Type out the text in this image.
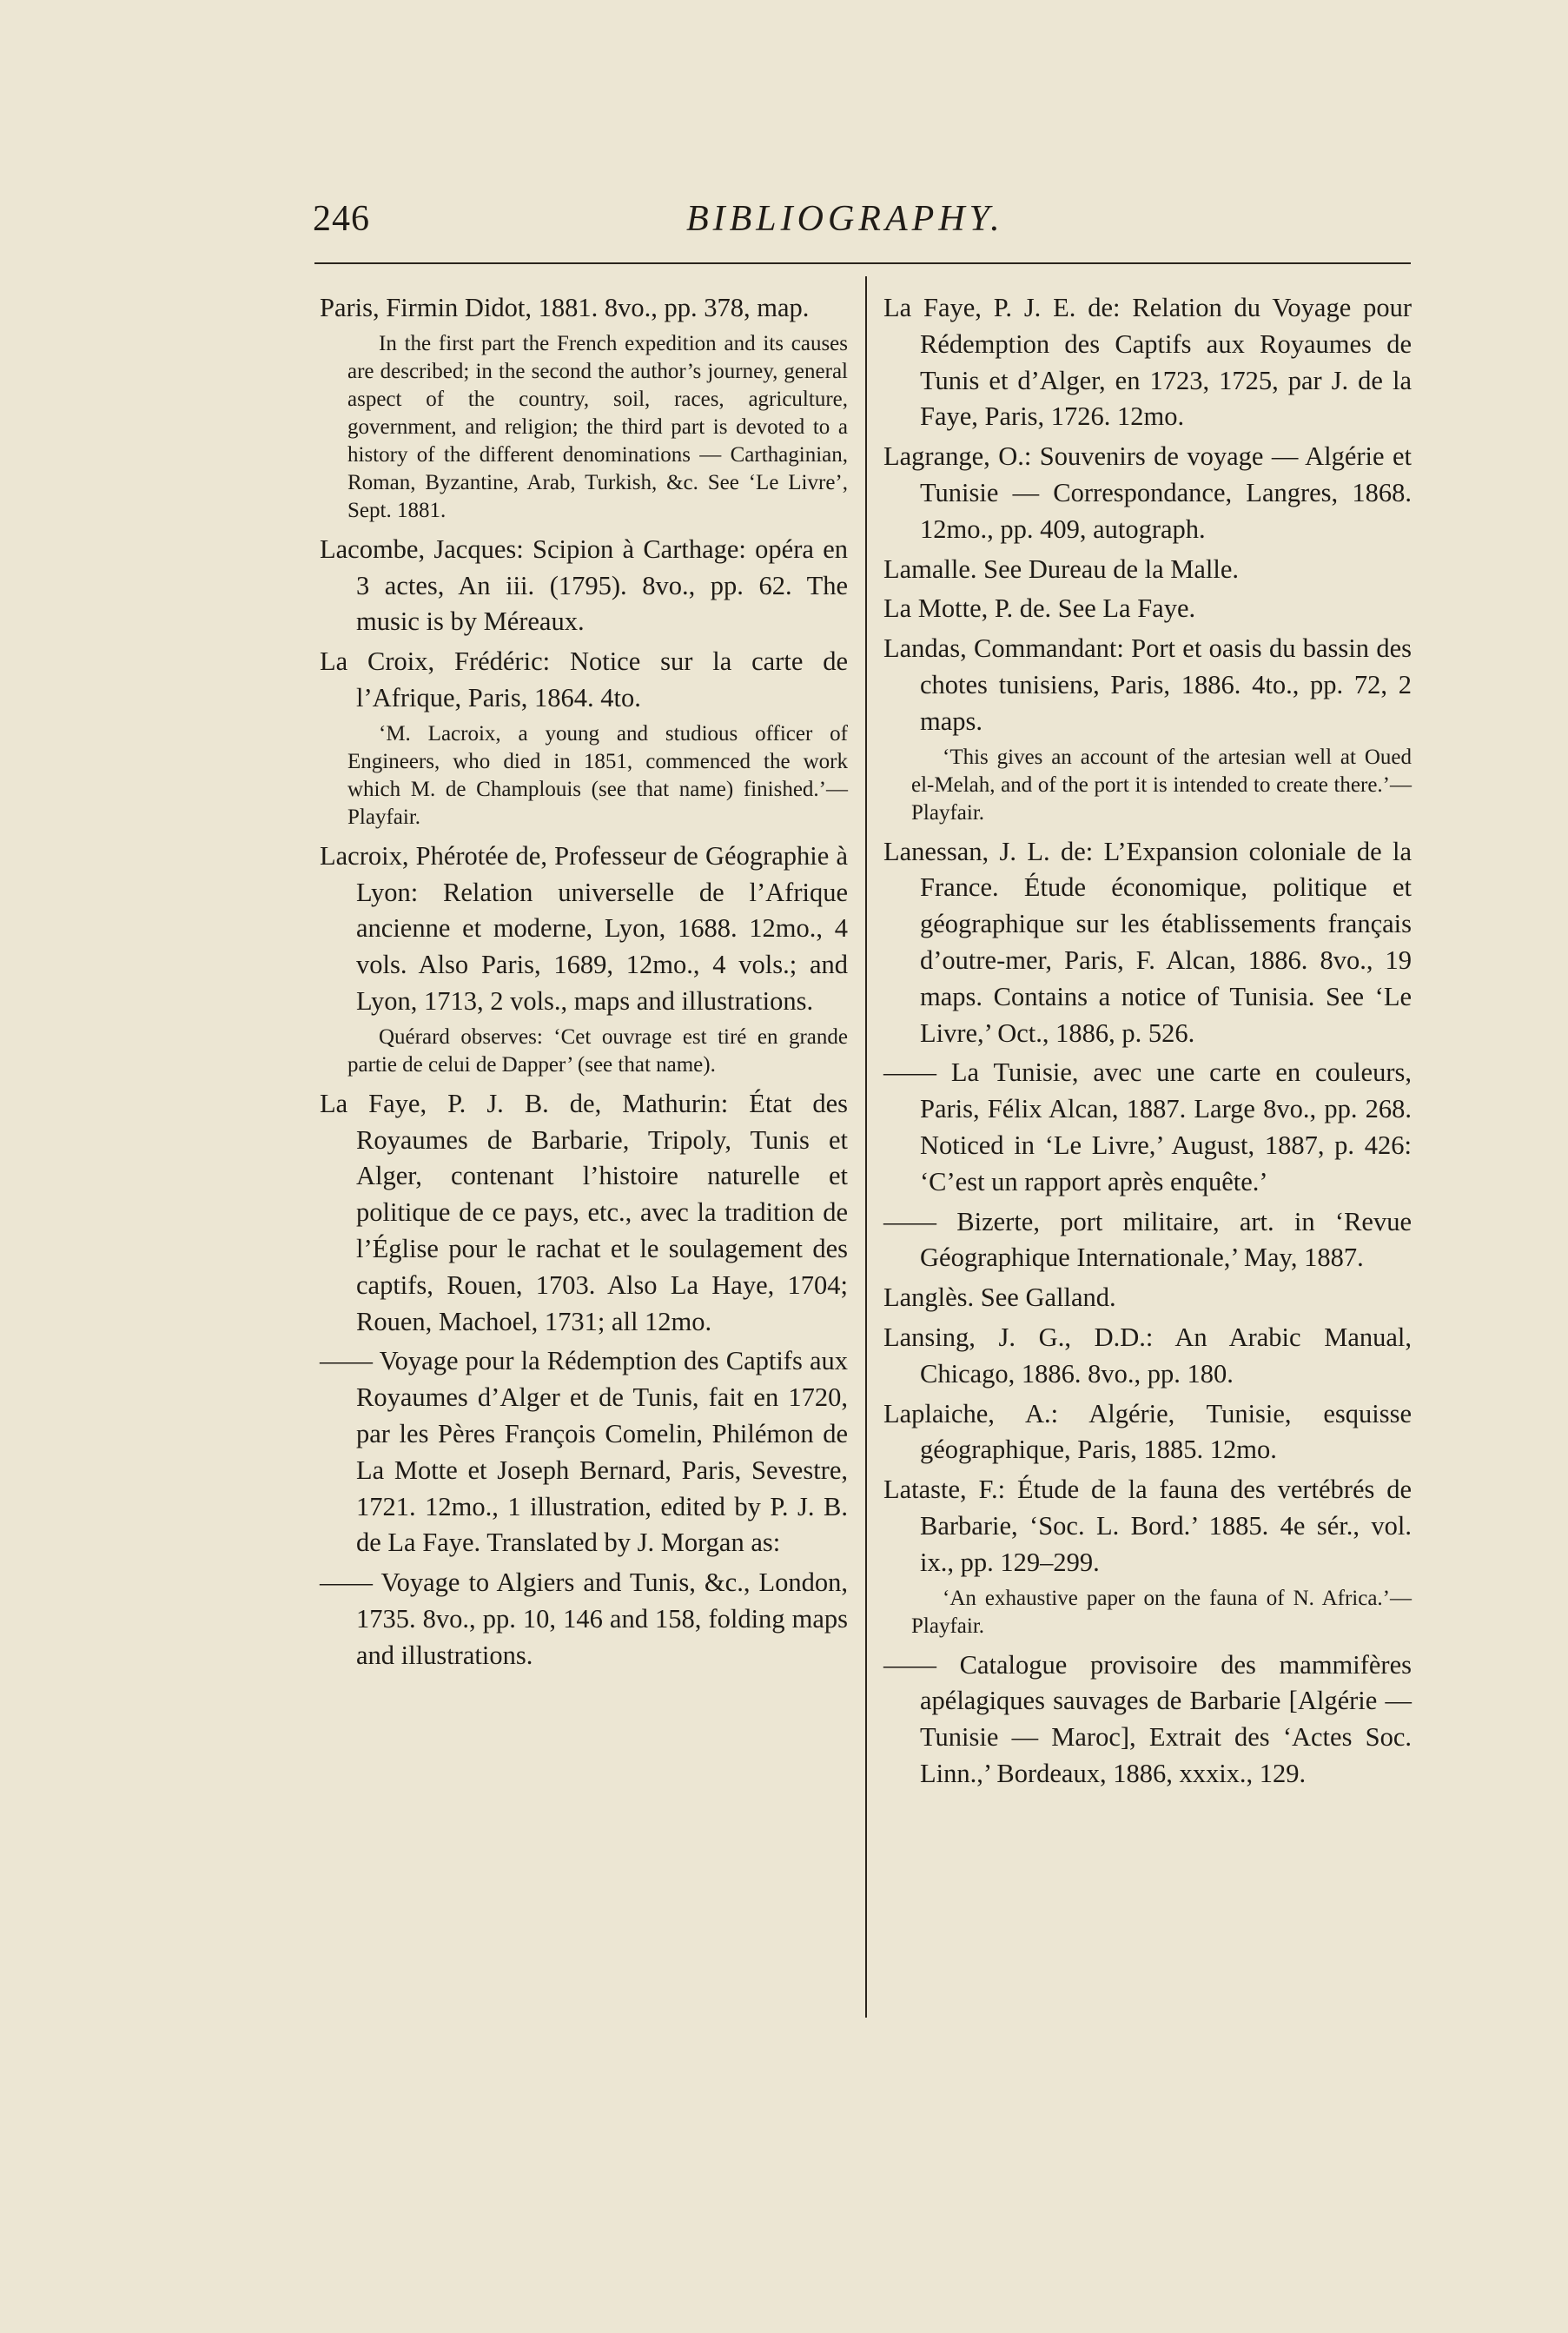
246	BIBLIOGRAPHY.

Paris, Firmin Didot, 1881. 8vo., pp. 378, map.

In the first part the French expedition and its causes are described; in the second the author’s journey, general aspect of the country, soil, races, agriculture, government, and religion; the third part is devoted to a history of the different denominations — Carthaginian, Roman, Byzantine, Arab, Turkish, &c. See ‘Le Livre’, Sept. 1881.

Lacombe, Jacques: Scipion à Carthage: opéra en 3 actes, An iii. (1795). 8vo., pp. 62. The music is by Méreaux.

La Croix, Frédéric: Notice sur la carte de l’Afrique, Paris, 1864. 4to.

‘M. Lacroix, a young and studious officer of Engineers, who died in 1851, commenced the work which M. de Champlouis (see that name) finished.’— Playfair.

Lacroix, Phérotée de, Professeur de Géographie à Lyon: Relation universelle de l’Afrique ancienne et moderne, Lyon, 1688. 12mo., 4 vols. Also Paris, 1689, 12mo., 4 vols.; and Lyon, 1713, 2 vols., maps and illustrations.

Quérard observes: ‘Cet ouvrage est tiré en grande partie de celui de Dapper’ (see that name).

La Faye, P. J. B. de, Mathurin: État des Royaumes de Barbarie, Tripoly, Tunis et Alger, contenant l’histoire naturelle et politique de ce pays, etc., avec la tradition de l’Église pour le rachat et le soulagement des captifs, Rouen, 1703. Also La Haye, 1704; Rouen, Machoel, 1731; all 12mo.

—— Voyage pour la Rédemption des Captifs aux Royaumes d’Alger et de Tunis, fait en 1720, par les Pères François Comelin, Philémon de La Motte et Joseph Bernard, Paris, Sevestre, 1721. 12mo., 1 illustration, edited by P. J. B. de La Faye. Translated by J. Morgan as:

—— Voyage to Algiers and Tunis, &c., London, 1735. 8vo., pp. 10, 146 and 158, folding maps and illustrations.

La Faye, P. J. E. de: Relation du Voyage pour Rédemption des Captifs aux Royaumes de Tunis et d’Alger, en 1723, 1725, par J. de la Faye, Paris, 1726. 12mo.

Lagrange, O.: Souvenirs de voyage — Algérie et Tunisie — Correspondance, Langres, 1868. 12mo., pp. 409, autograph.

Lamalle. See Dureau de la Malle.

La Motte, P. de. See La Faye.

Landas, Commandant: Port et oasis du bassin des chotes tunisiens, Paris, 1886. 4to., pp. 72, 2 maps.

‘This gives an account of the artesian well at Oued el-Melah, and of the port it is intended to create there.’—Playfair.

Lanessan, J. L. de: L’Expansion coloniale de la France. Étude économique, politique et géographique sur les établissements français d’outre-mer, Paris, F. Alcan, 1886. 8vo., 19 maps. Contains a notice of Tunisia. See ‘Le Livre,’ Oct., 1886, p. 526.

—— La Tunisie, avec une carte en couleurs, Paris, Félix Alcan, 1887. Large 8vo., pp. 268. Noticed in ‘Le Livre,’ August, 1887, p. 426: ‘C’est un rapport après enquête.’

—— Bizerte, port militaire, art. in ‘Revue Géographique Internationale,’ May, 1887.

Langlès. See Galland.

Lansing, J. G., D.D.: An Arabic Manual, Chicago, 1886. 8vo., pp. 180.

Laplaiche, A.: Algérie, Tunisie, esquisse géographique, Paris, 1885. 12mo.

Lataste, F.: Étude de la fauna des vertébrés de Barbarie, ‘Soc. L. Bord.’ 1885. 4e sér., vol. ix., pp. 129–299.

‘An exhaustive paper on the fauna of N. Africa.’—Playfair.

—— Catalogue provisoire des mammifères apélagiques sauvages de Barbarie [Algérie — Tunisie — Maroc], Extrait des ‘Actes Soc. Linn.,’ Bordeaux, 1886, xxxix., 129.
